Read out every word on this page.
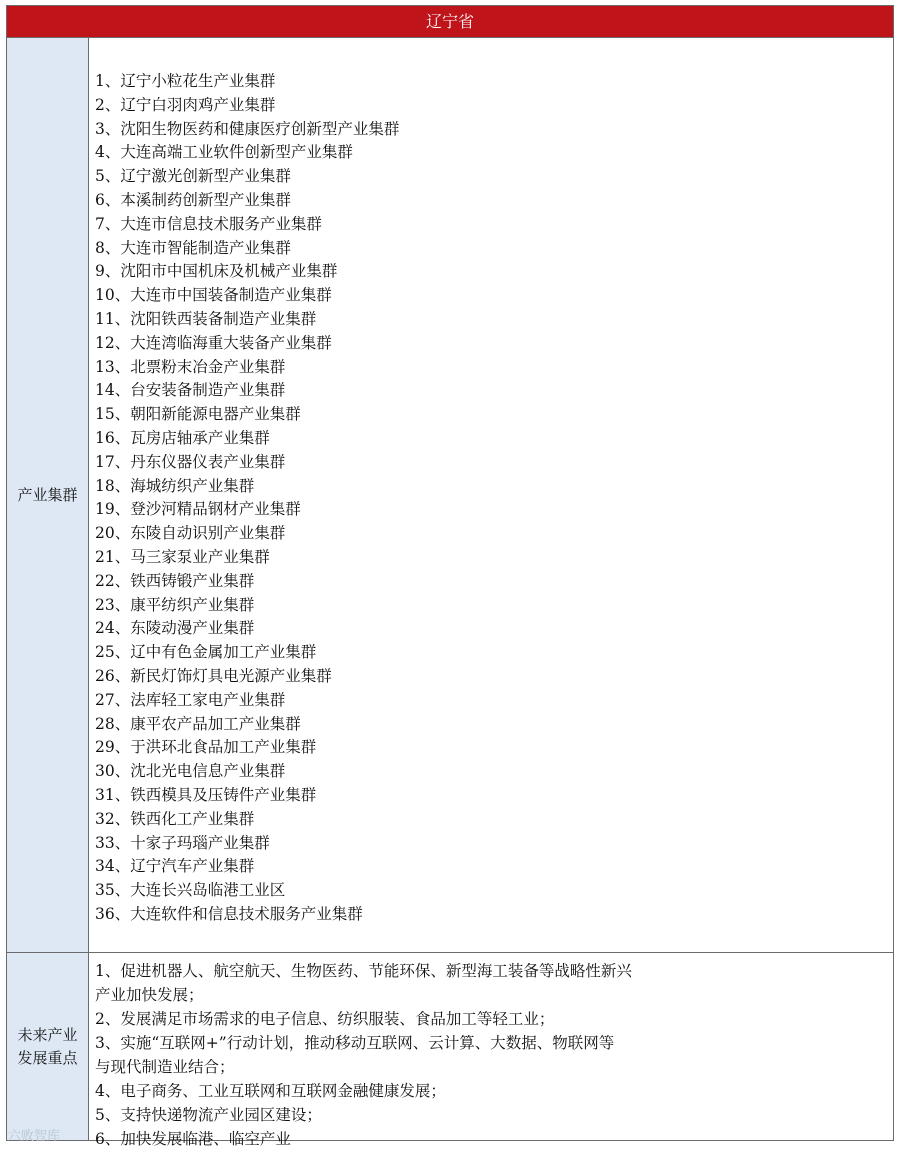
辽宁省
产业集群
1、辽宁小粒花生产业集群
2、辽宁白羽肉鸡产业集群
3、沈阳生物医药和健康医疗创新型产业集群
4、大连高端工业软件创新型产业集群
5、辽宁激光创新型产业集群
6、本溪制药创新型产业集群
7、大连市信息技术服务产业集群
8、大连市智能制造产业集群
9、沈阳市中国机床及机械产业集群
10、大连市中国装备制造产业集群
11、沈阳铁西装备制造产业集群
12、大连湾临海重大装备产业集群
13、北票粉末冶金产业集群
14、台安装备制造产业集群
15、朝阳新能源电器产业集群
16、瓦房店轴承产业集群
17、丹东仪器仪表产业集群
18、海城纺织产业集群
19、登沙河精品钢材产业集群
20、东陵自动识别产业集群
21、马三家泵业产业集群
22、铁西铸锻产业集群
23、康平纺织产业集群
24、东陵动漫产业集群
25、辽中有色金属加工产业集群
26、新民灯饰灯具电光源产业集群
27、法库轻工家电产业集群
28、康平农产品加工产业集群
29、于洪环北食品加工产业集群
30、沈北光电信息产业集群
31、铁西模具及压铸件产业集群
32、铁西化工产业集群
33、十家子玛瑙产业集群
34、辽宁汽车产业集群
35、大连长兴岛临港工业区
36、大连软件和信息技术服务产业集群
未来产业
发展重点
1、促进机器人、航空航天、生物医药、节能环保、新型海工装备等战略性新兴
产业加快发展；
2、发展满足市场需求的电子信息、纺织服装、食品加工等轻工业；
3、实施“互联网+”行动计划，推动移动互联网、云计算、大数据、物联网等
与现代制造业结合；
4、电子商务、工业互联网和互联网金融健康发展；
5、支持快递物流产业园区建设；
6、加快发展临港、临空产业
六败智库
